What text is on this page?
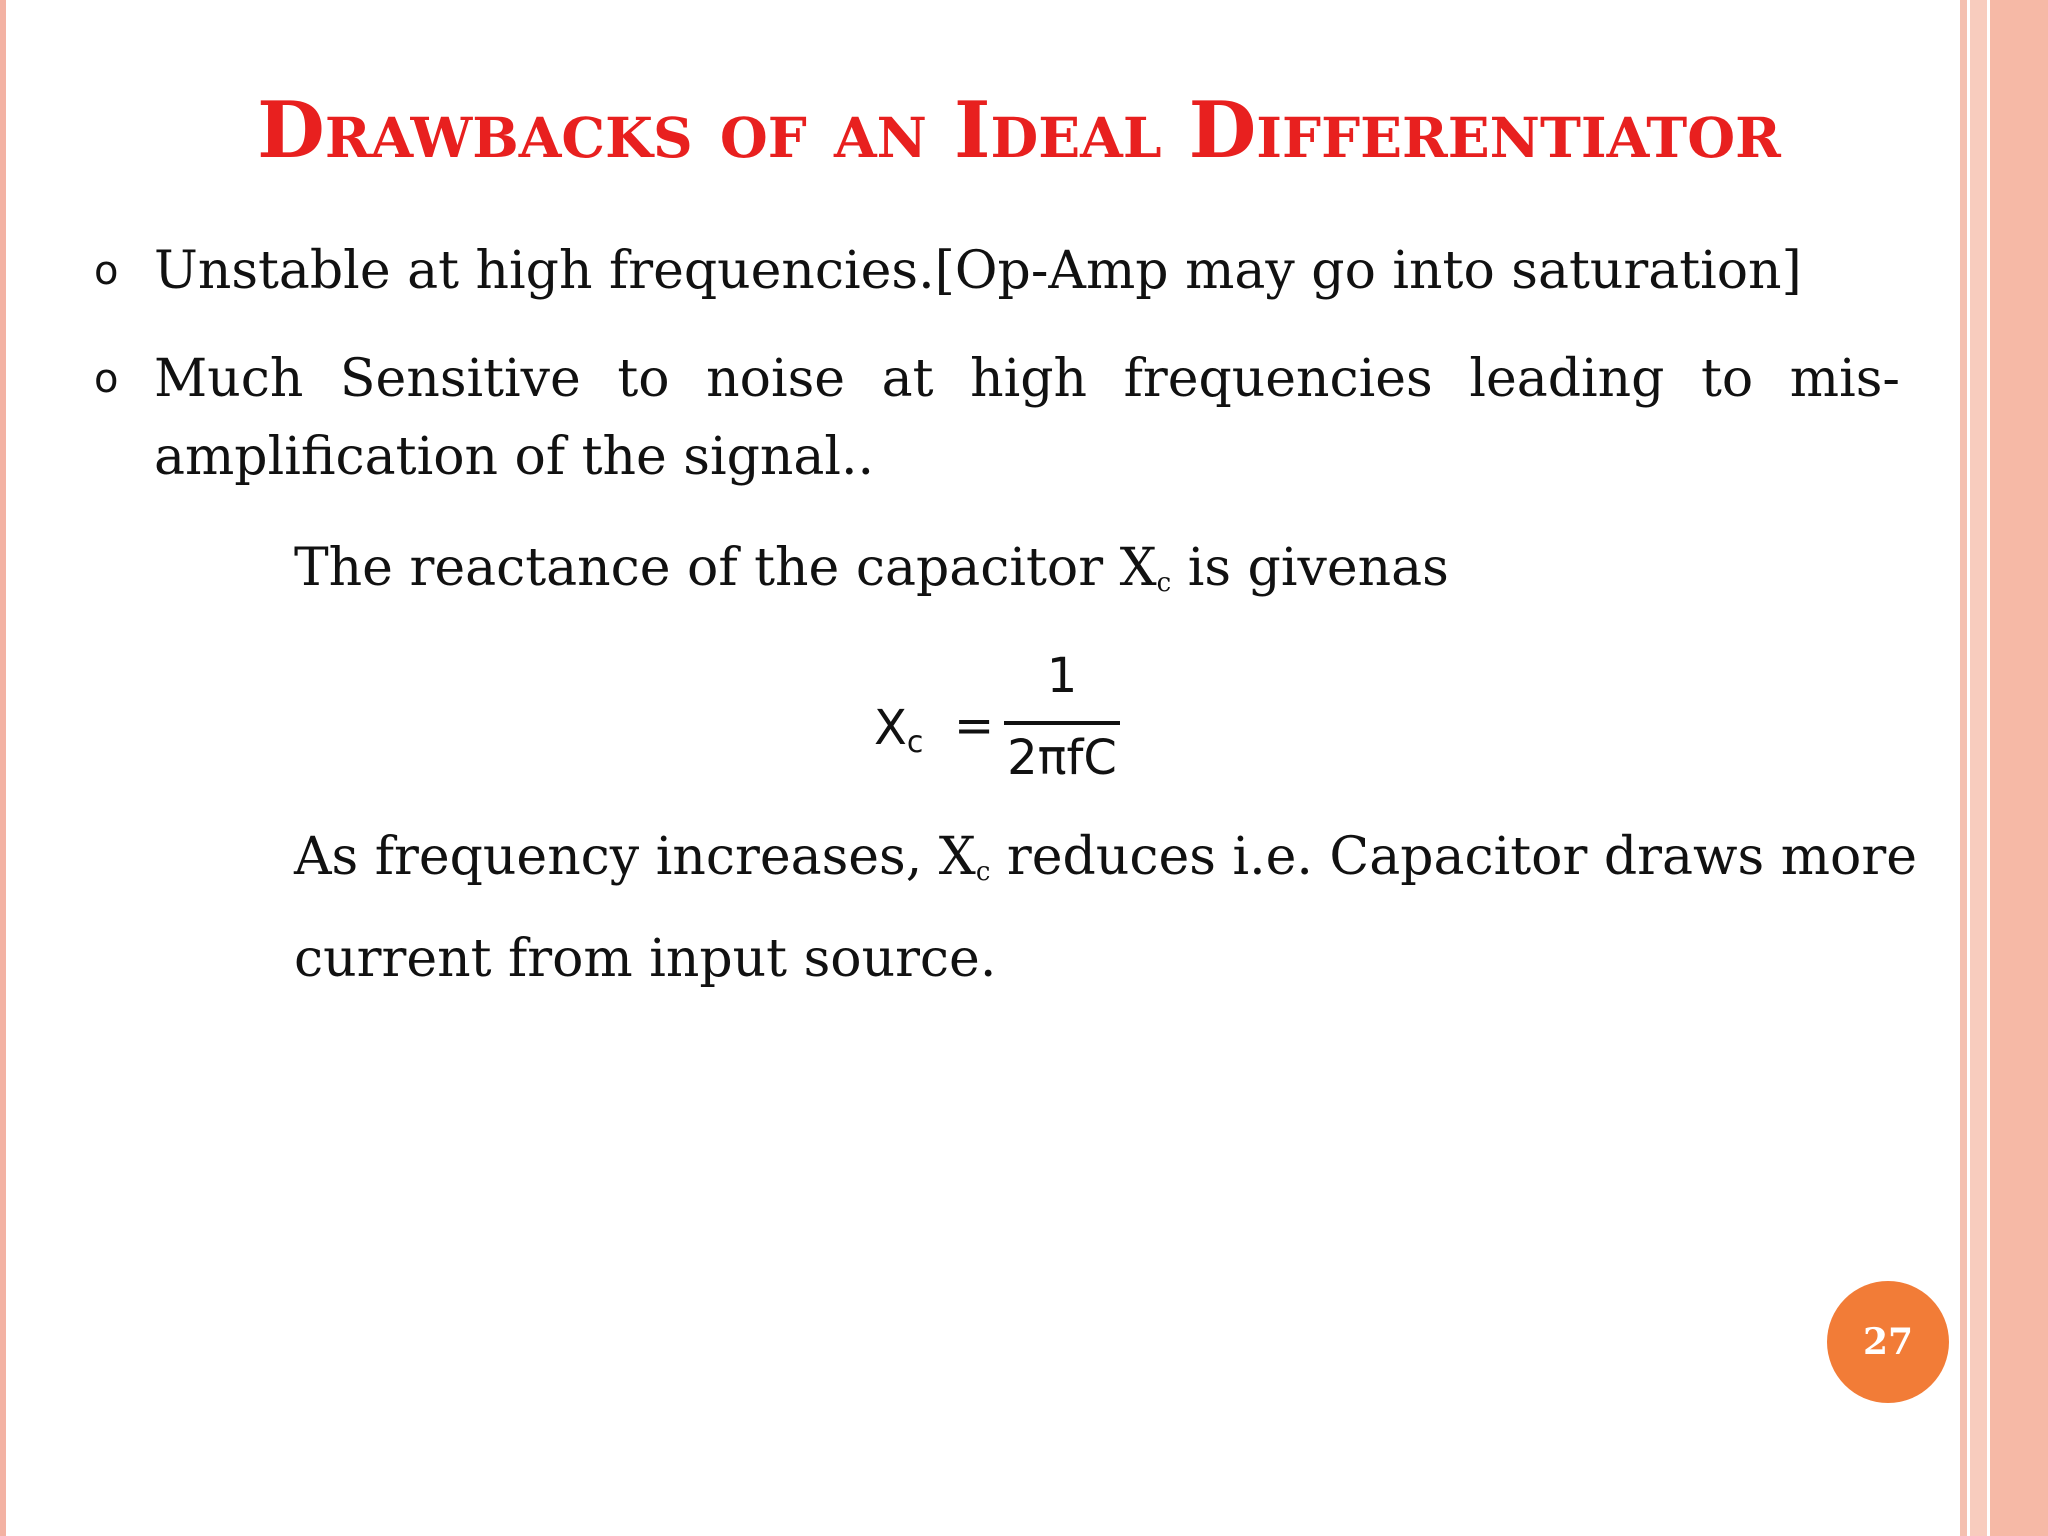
Drawbacks of an Ideal Differentiator
o Unstable at high frequencies.[Op-Amp may go into saturation]
o Much Sensitive to noise at high frequencies leading to mis-amplification of the signal..
The reactance of the capacitor $X_c$ is givenas
Xc =
1
2πfC
As frequency increases, $X_c$ reduces i.e. Capacitor draws more
current from input source.
27
